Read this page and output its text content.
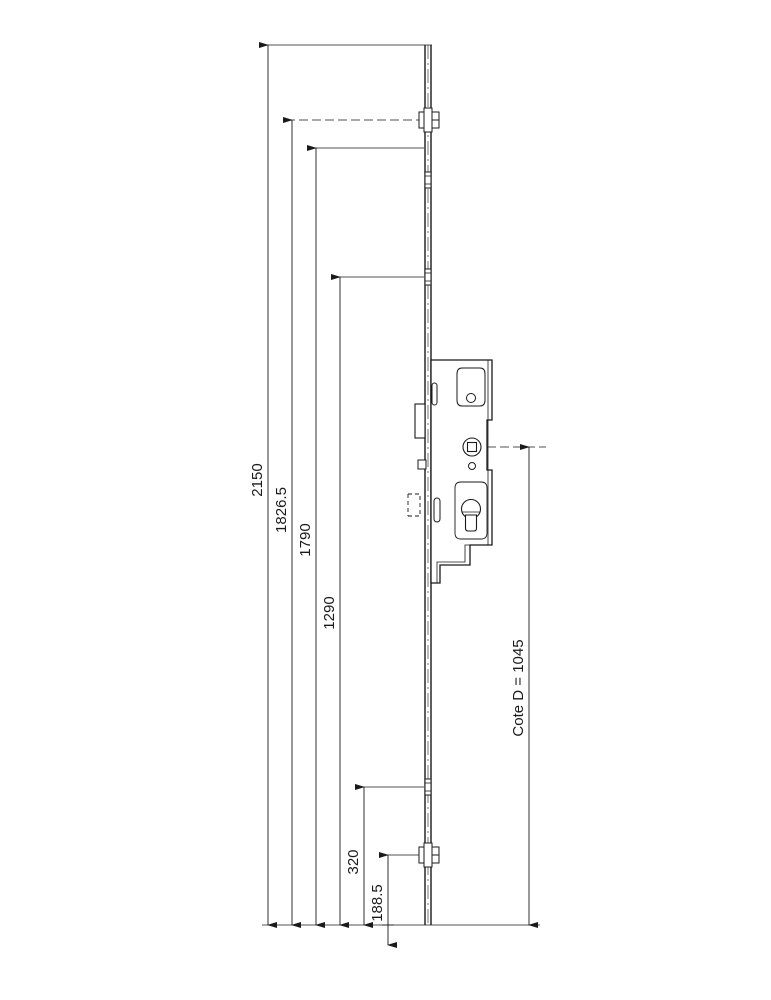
2150
1826.5
1790
1290
320
188.5
Cote D = 1045
